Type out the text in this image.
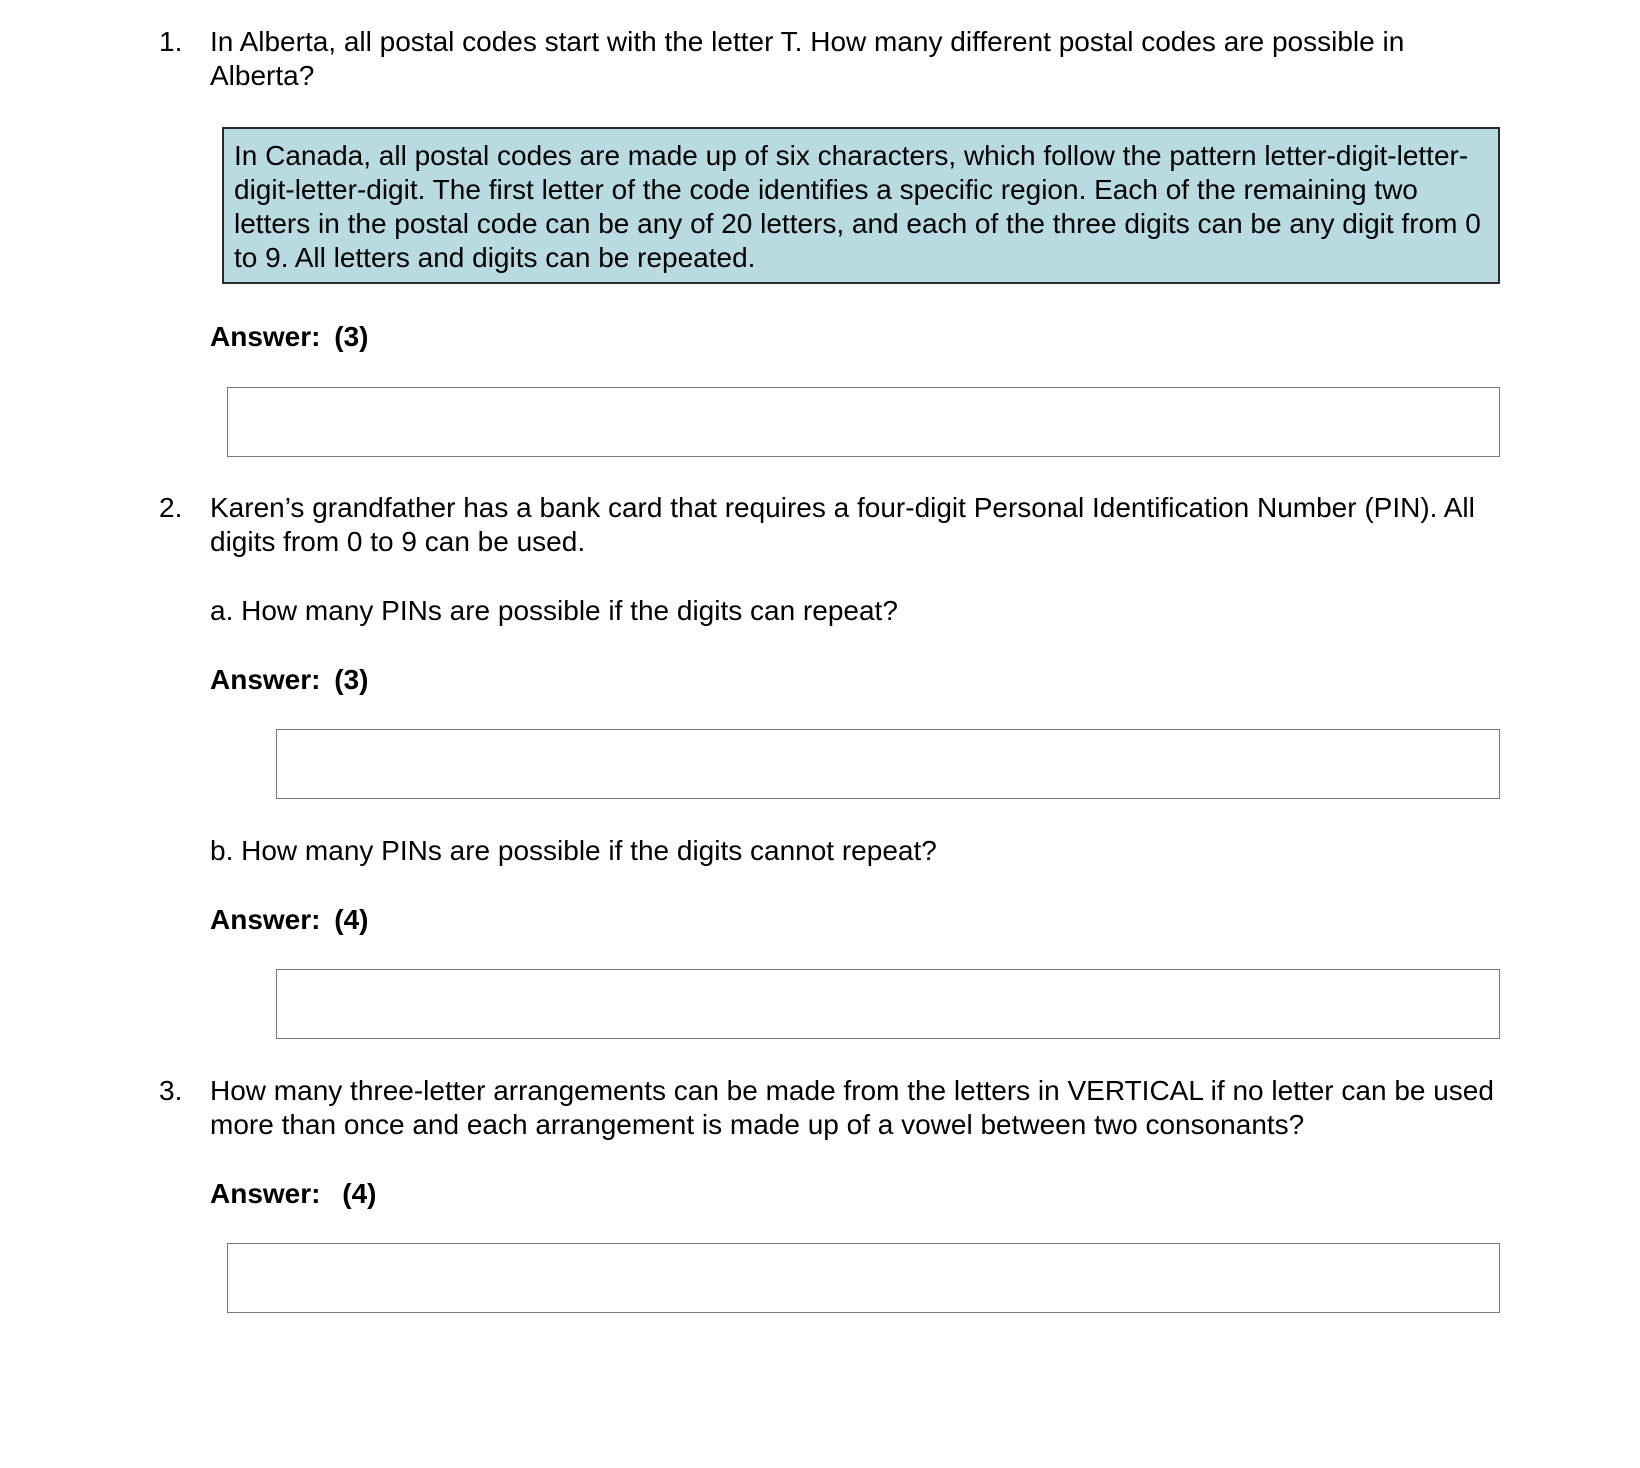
1. In Alberta, all postal codes start with the letter T. How many different postal codes are possible in Alberta?
In Canada, all postal codes are made up of six characters, which follow the pattern letter-digit-letter-digit-letter-digit. The first letter of the code identifies a specific region. Each of the remaining two letters in the postal code can be any of 20 letters, and each of the three digits can be any digit from 0 to 9. All letters and digits can be repeated.
Answer: (3)
2. Karen’s grandfather has a bank card that requires a four-digit Personal Identification Number (PIN). All digits from 0 to 9 can be used.
a. How many PINs are possible if the digits can repeat?
Answer: (3)
b. How many PINs are possible if the digits cannot repeat?
Answer: (4)
3. How many three-letter arrangements can be made from the letters in VERTICAL if no letter can be used more than once and each arrangement is made up of a vowel between two consonants?
Answer: (4)
